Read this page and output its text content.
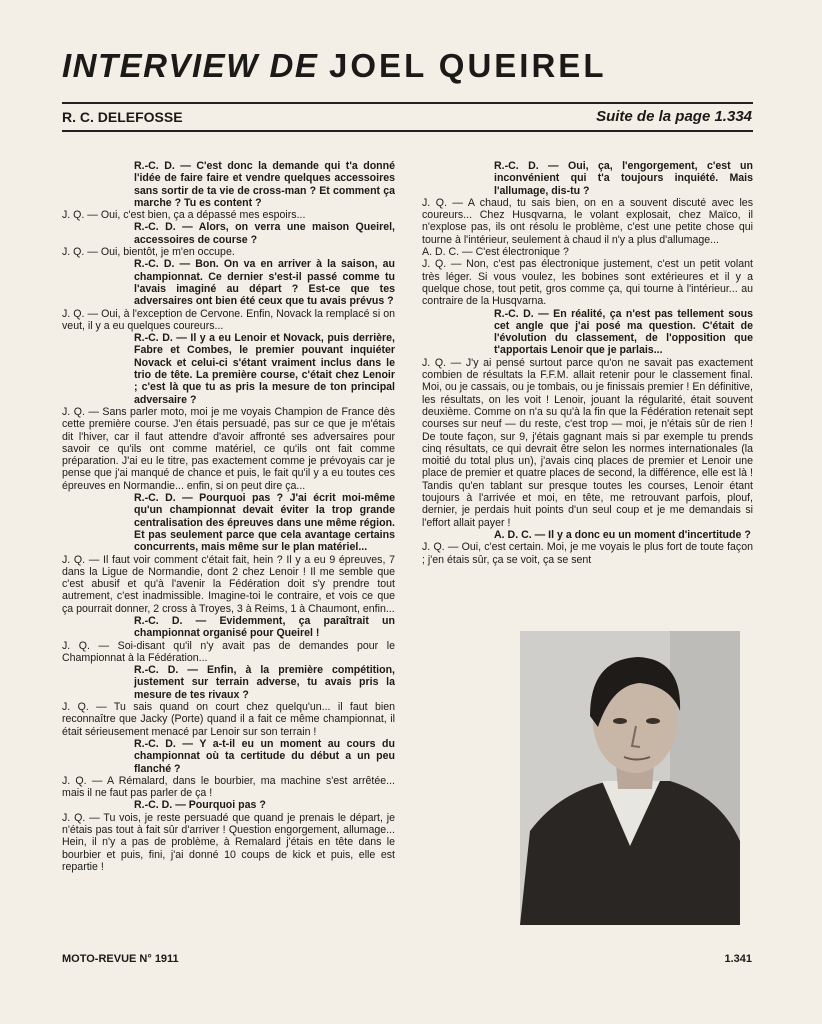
INTERVIEW DE JOEL QUEIREL
R. C. DELEFOSSE	Suite de la page 1.334

R.-C. D. — C'est donc la demande qui t'a donné l'idée de faire faire et vendre quelques accessoires sans sortir de ta vie de cross-man ? Et comment ça marche ? Tu es content ?

J. Q. — Oui, c'est bien, ça a dépassé mes espoirs...

R.-C. D. — Alors, on verra une maison Queirel, accessoires de course ?

J. Q. — Oui, bientôt, je m'en occupe.

R.-C. D. — Bon. On va en arriver à la saison, au championnat. Ce dernier s'est-il passé comme tu l'avais imaginé au départ ? Est-ce que tes adversaires ont bien été ceux que tu avais prévus ?

J. Q. — Oui, à l'exception de Cervone. Enfin, Novack la remplacé si on veut, il y a eu quelques coureurs...

R.-C. D. — Il y a eu Lenoir et Novack, puis derrière, Fabre et Combes, le premier pouvant inquiéter Novack et celui-ci s'étant vraiment inclus dans le trio de tête. La première course, c'était chez Lenoir ; c'est là que tu as pris la mesure de ton principal adversaire ?

J. Q. — Sans parler moto, moi je me voyais Champion de France dès cette première course. J'en étais persuadé, pas sur ce que je m'étais dit l'hiver, car il faut attendre d'avoir affronté ses adversaires pour savoir ce qu'ils ont comme matériel, ce qu'ils ont fait comme préparation. J'ai eu le titre, pas exactement comme je prévoyais car je pense que j'ai manqué de chance et puis, le fait qu'il y a eu toutes ces épreuves en Normandie... enfin, si on peut dire ça...

R.-C. D. — Pourquoi pas ? J'ai écrit moi-même qu'un championnat devait éviter la trop grande centralisation des épreuves dans une même région. Et pas seulement parce que cela avantage certains concurrents, mais même sur le plan matériel...

J. Q. — Il faut voir comment c'était fait, hein ? Il y a eu 9 épreuves, 7 dans la Ligue de Normandie, dont 2 chez Lenoir ! Il me semble que c'est abusif et qu'à l'avenir la Fédération doit s'y prendre tout autrement, c'est inadmissible. Imagine-toi le contraire, et vois ce que ça pourrait donner, 2 cross à Troyes, 3 à Reims, 1 à Chaumont, enfin...

R.-C. D. — Evidemment, ça paraîtrait un championnat organisé pour Queirel !

J. Q. — Soi-disant qu'il n'y avait pas de demandes pour le Championnat à la Fédération...

R.-C. D. — Enfin, à la première compétition, justement sur terrain adverse, tu avais pris la mesure de tes rivaux ?

J. Q. — Tu sais quand on court chez quelqu'un... il faut bien reconnaître que Jacky (Porte) quand il a fait ce même championnat, il était sérieusement menacé par Lenoir sur son terrain !

R.-C. D. — Y a-t-il eu un moment au cours du championnat où ta certitude du début a un peu flanché ?

J. Q. — A Rémalard, dans le bourbier, ma machine s'est arrêtée... mais il ne faut pas parler de ça !

R.-C. D. — Pourquoi pas ?

J. Q. — Tu vois, je reste persuadé que quand je prenais le départ, je n'étais pas tout à fait sûr d'arriver ! Question engorgement, allumage... Hein, il n'y a pas de problème, à Remalard j'étais en tête dans le bourbier et puis, fini, j'ai donné 10 coups de kick et puis, elle est repartie !

R.-C. D. — Oui, ça, l'engorgement, c'est un inconvénient qui t'a toujours inquiété. Mais l'allumage, dis-tu ?

J. Q. — A chaud, tu sais bien, on en a souvent discuté avec les coureurs... Chez Husqvarna, le volant explosait, chez Maïco, il n'explose pas, ils ont résolu le problème, c'est une petite chose qui tourne à l'intérieur, seulement à chaud il n'y a plus d'allumage...

A. D. C. — C'est électronique ?

J. Q. — Non, c'est pas électronique justement, c'est un petit volant très léger. Si vous voulez, les bobines sont extérieures et il y a quelque chose, tout petit, gros comme ça, qui tourne à l'intérieur... au contraire de la Husqvarna.

R.-C. D. — En réalité, ça n'est pas tellement sous cet angle que j'ai posé ma question. C'était de l'évolution du classement, de l'opposition que t'apportais Lenoir que je parlais...

J. Q. — J'y ai pensé surtout parce qu'on ne savait pas exactement combien de résultats la F.F.M. allait retenir pour le classement final. Moi, ou je cassais, ou je tombais, ou je finissais premier ! En définitive, les résultats, on les voit ! Lenoir, jouant la régularité, était souvent deuxième. Comme on n'a su qu'à la fin que la Fédération retenait sept courses sur neuf — du reste, c'est trop — moi, je n'étais sûr de rien ! De toute façon, sur 9, j'étais gagnant mais si par exemple tu prends cinq résultats, ce qui devrait être selon les normes internationales (la moitié du total plus un), j'avais cinq places de premier et Lenoir une place de premier et quatre places de second, la différence, elle est là ! Tandis qu'en tablant sur presque toutes les courses, Lenoir étant toujours à l'arrivée et moi, en tête, me retrouvant parfois, plouf, dernier, je perdais huit points d'un seul coup et je me demandais si l'effort allait payer !

A. D. C. — Il y a donc eu un moment d'incertitude ?

J. Q. — Oui, c'est certain. Moi, je me voyais le plus fort de toute façon ; j'en étais sûr, ça se voit, ça se sent

MOTO-REVUE N° 1911	1.341
